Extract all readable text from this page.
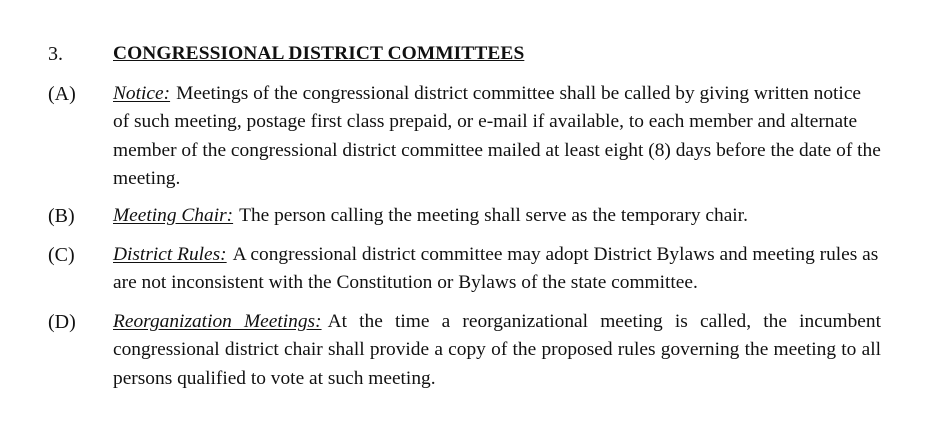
3.	CONGRESSIONAL DISTRICT COMMITTEES
(A) Notice: Meetings of the congressional district committee shall be called by giving written notice of such meeting, postage first class prepaid, or e-mail if available, to each member and alternate member of the congressional district committee mailed at least eight (8) days before the date of the meeting.
(B) Meeting Chair: The person calling the meeting shall serve as the temporary chair.
(C) District Rules: A congressional district committee may adopt District Bylaws and meeting rules as are not inconsistent with the Constitution or Bylaws of the state committee.
(D) Reorganization Meetings: At the time a reorganizational meeting is called, the incumbent congressional district chair shall provide a copy of the proposed rules governing the meeting to all persons qualified to vote at such meeting.
